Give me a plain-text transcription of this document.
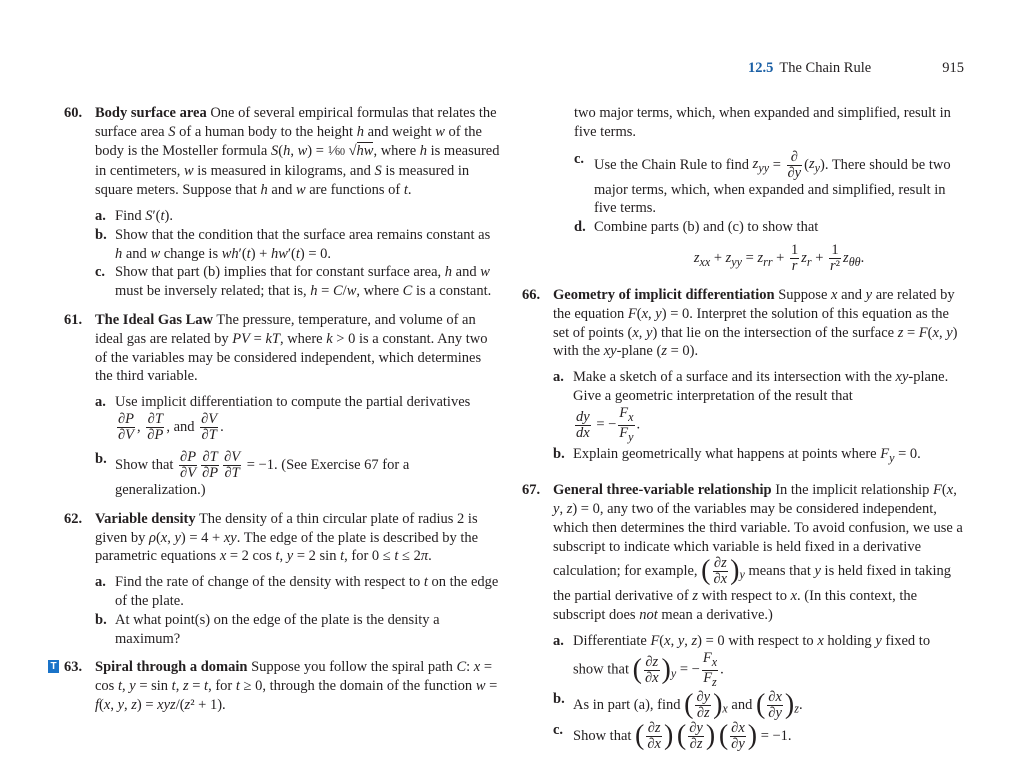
12.5 The Chain Rule	915
60. Body surface area One of several empirical formulas that relates the surface area S of a human body to the height h and weight w of the body is the Mosteller formula S(h, w) = 1⁄60 √hw, where h is measured in centimeters, w is measured in kilograms, and S is measured in square meters. Suppose that h and w are functions of t.
a. Find S′(t).
b. Show that the condition that the surface area remains constant as h and w change is wh′(t) + hw′(t) = 0.
c. Show that part (b) implies that for constant surface area, h and w must be inversely related; that is, h = C/w, where C is a constant.
61. The Ideal Gas Law The pressure, temperature, and volume of an ideal gas are related by PV = kT, where k > 0 is a constant. Any two of the variables may be considered independent, which determines the third variable.
a. Use implicit differentiation to compute the partial derivatives

$\frac{\partial P}{\partial V}$ , $\frac{\partial T}{\partial P}$ , and $\frac{\partial V}{\partial T}$ .
b. Show that $\frac{\partial P}{\partial V} \frac{\partial T}{\partial P} \frac{\partial V}{\partial T} = -1$. (See Exercise 67 for a generalization.)
62. Variable density The density of a thin circular plate of radius 2 is given by ρ(x, y) = 4 + xy. The edge of the plate is described by the parametric equations x = 2 cos t, y = 2 sin t, for 0 ≤ t ≤ 2π.
a. Find the rate of change of the density with respect to t on the edge of the plate.
b. At what point(s) on the edge of the plate is the density a maximum?
T 63. Spiral through a domain Suppose you follow the spiral path C: x = cos t, y = sin t, z = t, for t ≥ 0, through the domain of the function w = f(x, y, z) = xyz/(z² + 1).
two major terms, which, when expanded and simplified, result in five terms.
c. Use the Chain Rule to find $z_{yy} = \frac{\partial}{\partial y} (z_y)$. There should be two major terms, which, when expanded and simplified, result in five terms.
d. Combine parts (b) and (c) to show that
$z_{xx} + z_{yy} = z_{rr} + \frac{1}{r} z_r + \frac{1}{\text{r²}} z_{\theta\theta}$.
66. Geometry of implicit differentiation Suppose x and y are related by the equation F(x, y) = 0. Interpret the solution of this equation as the set of points (x, y) that lie on the intersection of the surface z = F(x, y) with the xy-plane (z = 0).
a. Make a sketch of a surface and its intersection with the xy-plane. Give a geometric interpretation of the result that

$\frac{dy}{dx}$ = − $\frac{F_x}{F_y}$ .
b. Explain geometrically what happens at points where $F_y = 0$.
67. General three-variable relationship In the implicit relationship F(x, y, z) = 0, any two of the variables may be considered independent, which then determines the third variable. To avoid confusion, we use a subscript to indicate which variable is held fixed in a derivative calculation; for example, ( $\frac{\partial z}{\partial x} )_y$ means that y is held fixed in taking the partial derivative of z with respect to x. (In this context, the subscript does not mean a derivative.)
a. Differentiate F(x, y, z) = 0 with respect to x holding y fixed to show that ( $\frac{\partial z}{\partial x} )_y$ = − $\frac{F_x}{F_z}$ .
b. As in part (a), find ( $\frac{\partial y}{\partial z} )_x$ and ( $\frac{\partial x}{\partial y} )_z$.
c. Show that ( $\frac{\partial z}{\partial x}$ ) ( $\frac{\partial y}{\partial z}$ ) ( $\frac{\partial x}{\partial y}$ ) = −1.
